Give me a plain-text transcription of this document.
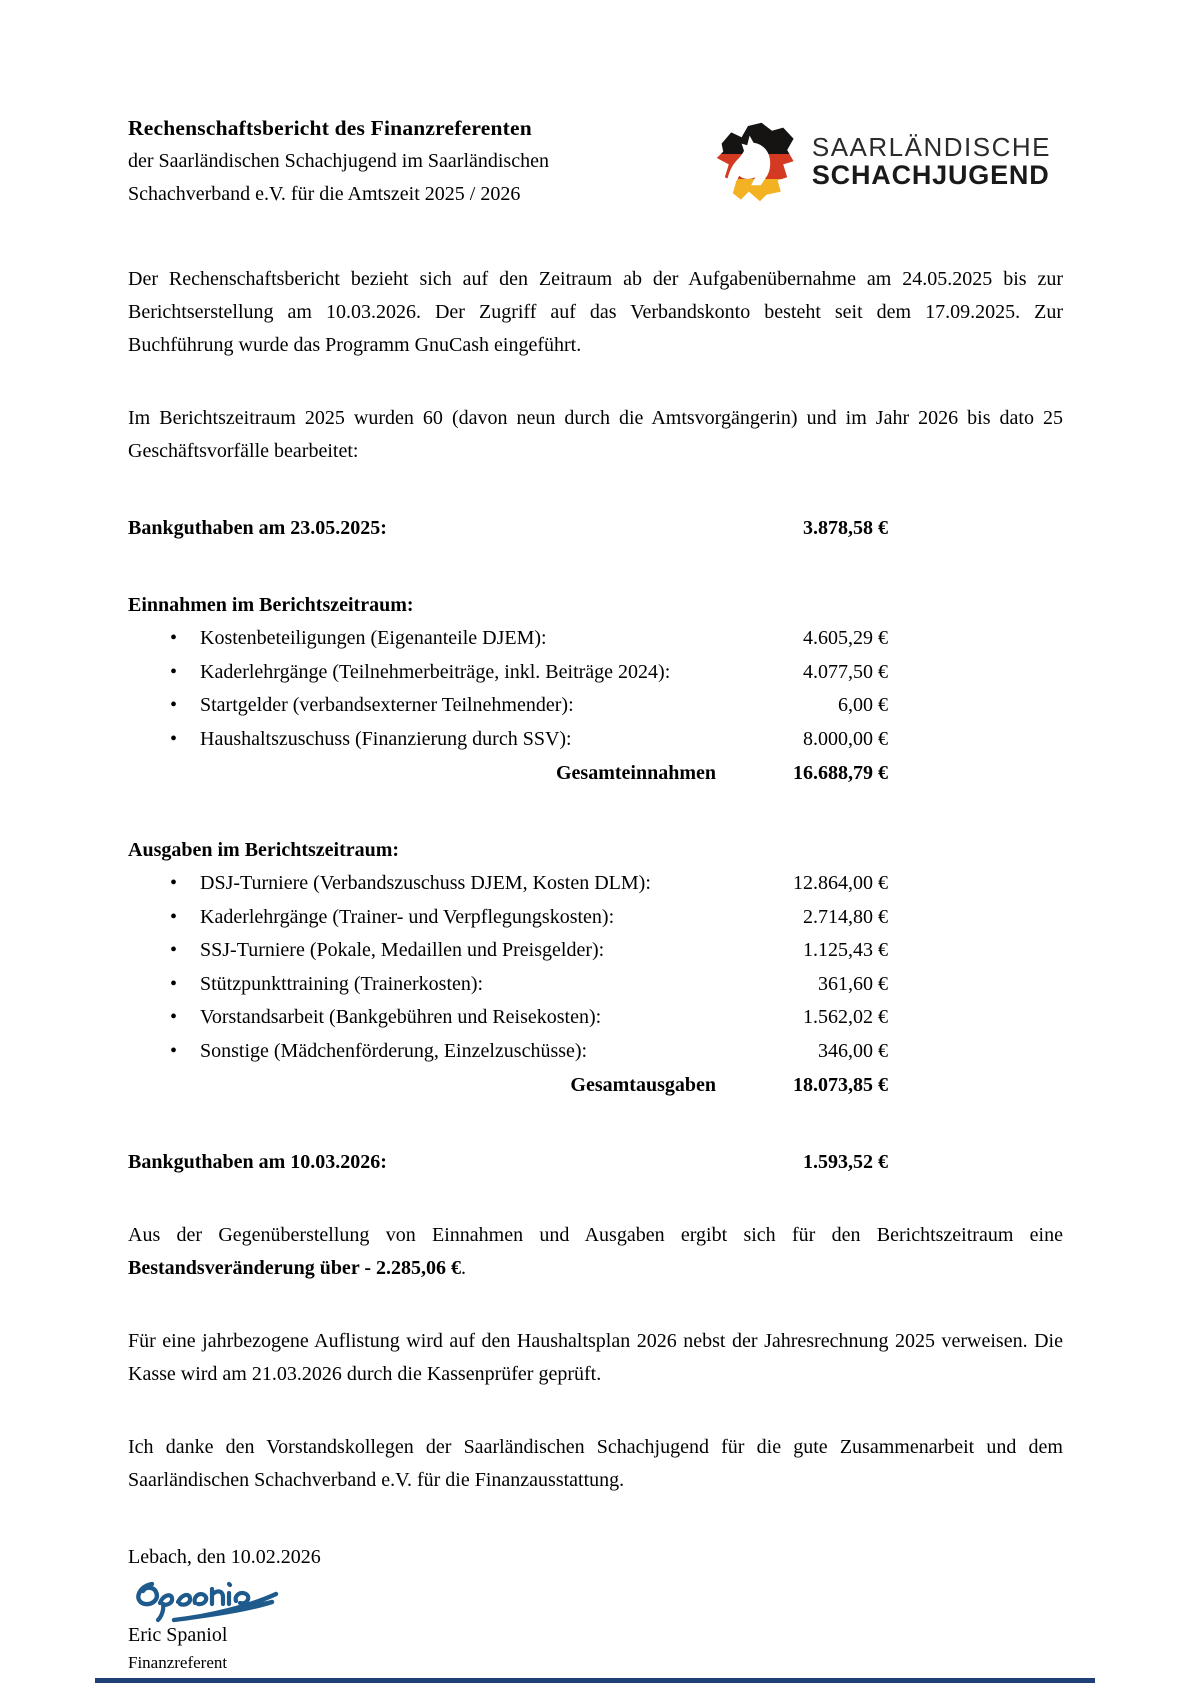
Rechenschaftsbericht des Finanzreferenten
der Saarländischen Schachjugend im Saarländischen
Schachverband e.V. für die Amtszeit 2025 / 2026
SAARLÄNDISCHE
SCHACHJUGEND
Der Rechenschaftsbericht bezieht sich auf den Zeitraum ab der Aufgabenübernahme am 24.05.2025 bis zur Berichtserstellung am 10.03.2026. Der Zugriff auf das Verbandskonto besteht seit dem 17.09.2025. Zur Buchführung wurde das Programm GnuCash eingeführt.
Im Berichtszeitraum 2025 wurden 60 (davon neun durch die Amtsvorgängerin) und im Jahr 2026 bis dato 25 Geschäftsvorfälle bearbeitet:
Bankguthaben am 23.05.2025:	3.878,58 €
Einnahmen im Berichtszeitraum:
•
Kostenbeteiligungen (Eigenanteile DJEM):	4.605,29 €
•
Kaderlehrgänge (Teilnehmerbeiträge, inkl. Beiträge 2024):	4.077,50 €
•
Startgelder (verbandsexterner Teilnehmender):	6,00 €
•
Haushaltszuschuss (Finanzierung durch SSV):	8.000,00 €
Gesamteinnahmen	16.688,79 €
Ausgaben im Berichtszeitraum:
•
DSJ-Turniere (Verbandszuschuss DJEM, Kosten DLM):	12.864,00 €
•
Kaderlehrgänge (Trainer- und Verpflegungskosten):	2.714,80 €
•
SSJ-Turniere (Pokale, Medaillen und Preisgelder):	1.125,43 €
•
Stützpunkttraining (Trainerkosten):	361,60 €
•
Vorstandsarbeit (Bankgebühren und Reisekosten):	1.562,02 €
•
Sonstige (Mädchenförderung, Einzelzuschüsse):	346,00 €
Gesamtausgaben	18.073,85 €
Bankguthaben am 10.03.2026:	1.593,52 €
Aus der Gegenüberstellung von Einnahmen und Ausgaben ergibt sich für den Berichtszeitraum eine Bestandsveränderung über - 2.285,06 €.
Für eine jahrbezogene Auflistung wird auf den Haushaltsplan 2026 nebst der Jahresrechnung 2025 verweisen. Die Kasse wird am 21.03.2026 durch die Kassenprüfer geprüft.
Ich danke den Vorstandskollegen der Saarländischen Schachjugend für die gute Zusammenarbeit und dem Saarländischen Schachverband e.V. für die Finanzausstattung.
Lebach, den 10.02.2026
Eric Spaniol
Finanzreferent
